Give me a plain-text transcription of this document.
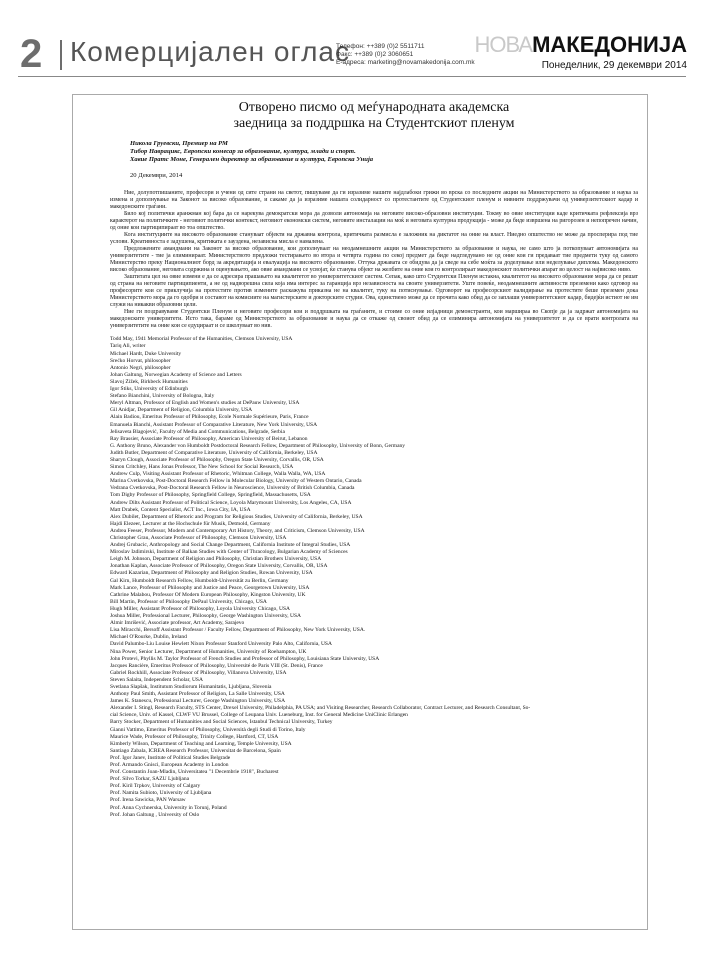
2 Комерцијален оглас
Телефон: ++389 (0)2 5511711
Факс: ++389 (0)2 3060651
Е-адреса: marketing@novamakedonija.com.mk
НОВАМАКЕДОНИЈА
Понеделник, 29 декември 2014
Отворено писмо од меѓународната академска
заедница за поддршка на Студентскиот пленум
Никола Груевски, Премиер на РМ
Тибор Наврацикс, Европски комесар за образование, култура, млади и спорт.
Хавие Пратс Моне, Генерален директор за образование и култура, Европска Унија
20 Декември, 2014

Ние, долупотпишаните, професори и учени од сите страни на светот, пишуваме да ги изразиме нашите најдлабоки грижи во врска со последните акции на Министерството за образование и наука за измена и дополнување на Законот за високо образование, и сакаме да ја изразиме нашата солидарност со протестантите од Студентскиот пленум и нивните поддржувачи од универзитетскиот кадар и македонските граѓани.

Било кој политички аранжман кој бара да се нарекува демократски мора да дозволи автономија на неговите високо-образовни институции. Токму во овие институции каде критичката рефлексија врз карактерот на политичките - неговиот политички контекст, неговиот економски систем, неговите инсталации на моќ и неговата културна продукција - може да биде извршена на ригорозен и непопречен начин, од оние кои партиципираат во тоа општество.

Кога институциите на високото образование стануваат објекти на државна контрола, критичката размисла е заложник на диктатот на оние на власт. Ниедно општество не може да просперира под тие услови. Креативноста е задушена, критиката е зауздена, независна мисла е намалена.

Предложените амандмани на Законот за високо образование, кои дополнуваат на неодамнешните акции на Министерството за образование и наука, не само што ја поткопуваат автономијата на универзитетите - тие ја елиминираат. Министерството предложи тестирањето во втора и четврта година по секој предмет да биде надгледувано не од оние кои ги предаваат тие предмети туку од самото Министерство преку Националниот борд за акредитација и евалуација на високото образование. Оттука државата се обидува да ја сведе на себе моќта за доделување или неделување диплома. Македонското високо образование, неговата содржина и оценувањето, ако овие амандмани се усвојат, ќе станува објект на желбите на оние кои го контролираат македонскиот политички апарат во целост на највисоко ниво.

Заштитата цел на овие измени е да се адресира прашањето на квалитетот во универзитетскиот систем. Сепак, како што Студентски Пленум истакна, квалитетот на високото образование мора да се решат од страна на неговите партиципиенти, а не од надворешна сила која има интерес за гаранција врз независноста на своите универзитети. Уште повеќе, неодамнешните активности преземени како одговор на професорите кои се приклучија на протестите против измените раскажува приказна не на квалитет, туку на потиснување. Одговорот на професорскиот валидирање на протестите беше преземен докa Министерството мора да го одобри и составот на комисиите на магистерските и докторските студии. Ова, единствено може да се прочита како обид да се заплаши универзитетскиот кадар, бидејќи истиот не им служи на никакви образовни цели.

Ние ги поздравуваме Студентски Пленум и неговите професори кои и поддршката на граѓаните, и стоиме со оние илјадници демонстранти, кои маршираа во Скопје да ја задржат автономијата на македонските универзитети. Исто така, бараме од Министерството за образование и наука да се откаже од своиот обид да се елиминира автономијата на универзитетот и да се врати контролата на универзитетите на оние кои се едуцираат и се школуваат во нив.

Todd May, 1941 Memorial Professor of the Humanities, Clemson University, USA
Tariq Ali, writer
Michael Hardt, Duke University
Srećko Horvat, philosopher
Antonio Negri, philosopher
Johan Galtung, Norwegian Academy of Science and Letters
Slavoj Žižek, Birkbeck Humanities
Igor Štiks, University of Edinburgh
Stefano Bianchini, University of Bologna, Italy
Meryl Altman, Professor of English and Women's studies at DePauw University, USA
Gil Anidjar, Department of Religion, Columbia University, USA
Alain Badiou, Emeritus Professor of Philosophy, Ecole Normale Supérieure, Paris, France
Emanuela Bianchi, Assistant Professor of Comparative Literature, New York University, USA
Jelisaveta Blagojević, Faculty of Media and Communications, Belgrade, Serbia
Ray Brassier, Associate Professor of Philosophy, American University of Beirut, Lebanon
G. Anthony Bruno, Alexander von Humboldt Postdoctoral Research Fellow, Department of Philosophy, University of Bonn, Germany
Judith Butler, Department of Comparative Literature, University of California, Berkeley, USA
Sharyn Clough, Associate Professor of Philosophy, Oregon State University, Corvallis, OR, USA
Simon Critchley, Hans Jonas Professor, The New School for Social Research, USA
Andrew Culp, Visiting Assistant Professor of Rhetoric, Whitman College, Walla Walla, WA, USA
Marina Cvetkovska, Post-Doctoral Research Fellow in Molecular Biology, University of Western Ontario, Canada
Vedrana Cvetkovska, Post-Doctoral Research Fellow in Neuroscience, University of British Columbia, Canada
Tom Digby Professor of Philosophy, Springfield College, Springfield, Massachusetts, USA
Andrew Dilts Assistant Professor of Political Science, Loyola Marymount University, Los Angeles, CA, USA
Matt Drabek, Content Specialist, ACT Inc., Iowa City, IA, USA
Alex Dubilet, Department of Rhetoric and Program for Religious Studies, University of California, Berkeley, USA
Hajdi Elezeer, Lecturer at the Hochschule für Musik, Detmold, Germany
Andrea Feeser, Professor, Modern and Contemporary Art History, Theory, and Criticism, Clemson University, USA
Christopher Grau, Associate Professor of Philosophy, Clemson University, USA
Andrej Grubacic, Anthropology and Social Change Department, California Institute of Integral Studies, USA
Miroslav Izdimirski, Institute of Balkan Studies with Center of Thracology, Bulgarian Academy of Sciences
Leigh M. Johnson, Department of Religion and Philosophy, Christian Brothers University, USA
Jonathan Kaplan, Associate Professor of Philosophy, Oregon State University, Corvallis, OR, USA
Edward Kazarian, Department of Philosophy and Religion Studies, Rowan University, USA
Gal Kirn, Humboldt Research Fellow, Humboldt-Universität zu Berlin, Germany
Mark Lance, Professor of Philosophy and Justice and Peace, Georgetown University, USA
Cathrine Malabou, Professor Of Modern European Philosophy, Kingston University, UK
Bill Martin, Professor of Philosophy DePaul University, Chicago, USA
Hugh Miller, Assistant Professor of Philosophy, Loyola University Chicago, USA
Joshua Miller, Professional Lecturer, Philosophy, George Washington University, USA
Almir Imrišević, Associate professor, Art Academy, Sarajevo
Lisa Miracchi, Bersoff Assistant Professor / Faculty Fellow, Department of Philosophy, New York University, USA.
Michael O'Rourke, Dublin, Ireland
David Palumbo-Liu Louise Hewlett Nixon Professor Stanford University Palo Alto, California, USA
Nina Power, Senior Lecturer, Department of Humanities, University of Roehampton, UK
John Protevi, Phyllis M. Taylor Professor of French Studies and Professor of Philosophy, Louisiana State University, USA
Jacques Rancière, Emeritus Professor of Philosophy, Université de Paris VIII (St. Denis), France
Gabriel Rockhill, Associate Professor of Philosophy, Villanova University, USA
Steven Salaita, Independent Scholar, USA
Svetlana Slapšak, Institutum Studiorum Humanitatis, Ljubljana, Slovenia
Anthony Paul Smith, Assistant Professor of Religion, La Salle University, USA
James K. Stanescu, Professional Lecturer, George Washington University, USA
Alexander I. Stingl, Research Faculty, STS Center, Drexel University, Philadelphia, PA USA; and Visiting Researcher, Research Collaborator, Contract Lecturer, and Research Consultant, So-
cial Science, Univ. of Kassel, CLWF VU Brussel, College of Leupana Univ. Lueneburg, Inst. for General Medicine UniClinic Erlangen
Barry Stocker, Department of Humanities and Social Sciences, Istanbul Technical University, Turkey
Gianni Vattimo, Emeritus Professor of Philosophy, Università degli Studi di Torino, Italy
Maurice Wade, Professor of Philosophy, Trinity College, Hartford, CT, USA
Kimberly Wilson, Department of Teaching and Learning, Temple University, USA
Santiago Zabala, ICREA Research Professor, Universitat de Barcelona, Spain
Prof. Igor Janev, Institute of Political Studies Belgrade
Prof. Armando Gnisci, European Academy in London
Prof. Constantin Joan-Mladin, Universitatea "1 Decembrie 1918", Bucharest
Prof. Silvo Torkar, SAZU Ljubljana
Prof. Kiril Trpkov, University of Calgary
Prof. Namita Subioto, University of Ljubljana
Prof. Irena Sawicka, PAN Warsaw
Prof. Anna Cychnerska, University in Torunj, Poland
Prof. Johan Galtung , University of Oslo
